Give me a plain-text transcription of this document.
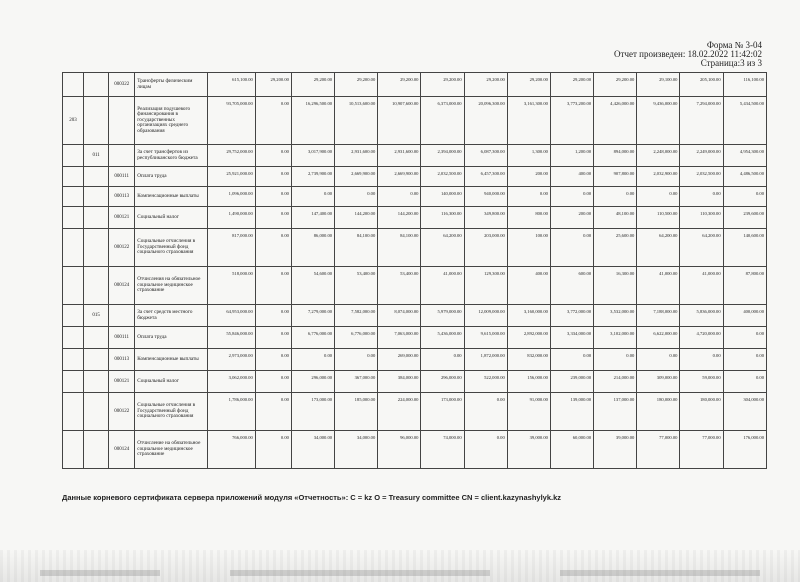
Форма № 3-04
Отчет произведен: 18.02.2022 11:42:02
Страница:3 из 3
		000322	Трансферты физическим лицам	615,100.00	29,200.00	29,200.00	29,200.00	29,200.00	29,200.00	29,200.00	29,200.00	29,200.00	29,200.00	29,100.00	205,100.00	116,100.00
203			Реализация подушевого финансирования в государственных организациях среднего образования	93,705,000.00	0.00	16,296,500.00	10,513,600.00	10,907,600.00	6,373,000.00	20,096,300.00	3,161,300.00	3,773,200.00	4,426,000.00	9,436,000.00	7,294,000.00	5,434,500.00
	011		За счет трансфертов из республиканского бюджета	29,752,000.00	0.00	3,017,900.00	2,931,600.00	2,931,600.00	2,394,000.00	6,087,300.00	1,300.00	1,200.00	894,000.00	2,248,000.00	2,249,000.00	4,954,300.00
		000111	Оплата труда	25,921,000.00	0.00	2,739,900.00	2,669,900.00	2,669,900.00	2,032,500.00	6,457,300.00	200.00	400.00	907,800.00	2,032,900.00	2,032,500.00	4,486,500.00
		000113	Компенсационные выплаты	1,096,000.00	0.00	0.00	0.00	0.00	140,000.00	940,000.00	0.00	0.00	0.00	0.00	0.00	0.00
		000121	Социальный налог	1,490,000.00	0.00	147,400.00	144,200.00	144,200.00	116,300.00	349,800.00	800.00	200.00	48,100.00	110,500.00	110,300.00	239,600.00
		000122	Социальные отчисления в Государственный фонд социального страхования	817,000.00	0.00	86,000.00	84,100.00	84,100.00	64,200.00	203,000.00	100.00	0.00	25,600.00	64,200.00	64,200.00	140,600.00
		000124	Отчисления на обязательное социальное медицинское страхование	518,000.00	0.00	54,600.00	53,400.00	53,400.00	41,000.00	129,300.00	400.00	600.00	16,300.00	41,000.00	41,000.00	87,800.00
	015		За счет средств местного бюджета	64,953,000.00	0.00	7,279,000.00	7,582,000.00	8,074,000.00	5,979,000.00	12,009,000.00	3,160,000.00	3,772,000.00	3,532,000.00	7,188,000.00	5,836,000.00	400,000.00
		000111	Оплата труда	55,846,000.00	0.00	6,776,000.00	6,776,000.00	7,063,000.00	5,436,000.00	9,615,000.00	2,892,000.00	3,334,000.00	3,102,000.00	6,622,000.00	4,720,000.00	0.00
		000113	Компенсационные выплаты	2,973,000.00	0.00	0.00	0.00	269,000.00	0.00	1,872,000.00	832,000.00	0.00	0.00	0.00	0.00	0.00
		000121	Социальный налог	3,062,000.00	0.00	296,000.00	367,000.00	384,000.00	296,000.00	522,000.00	156,000.00	239,000.00	214,000.00	309,000.00	59,000.00	0.00
		000122	Социальные отчисления в Государственный фонд социального страхования	1,786,000.00	0.00	173,000.00	185,000.00	224,000.00	173,000.00	0.00	91,000.00	139,000.00	137,000.00	180,000.00	180,000.00	304,000.00
		000124	Отчисление на обязательное социальное медицинское страхование	766,000.00	0.00	34,000.00	34,000.00	96,000.00	74,000.00	0.00	39,000.00	60,000.00	39,000.00	77,000.00	77,000.00	176,000.00
Данные корневого сертификата сервера приложений модуля «Отчетность»: C = kz O = Treasury committee CN = client.kazynashylyk.kz
